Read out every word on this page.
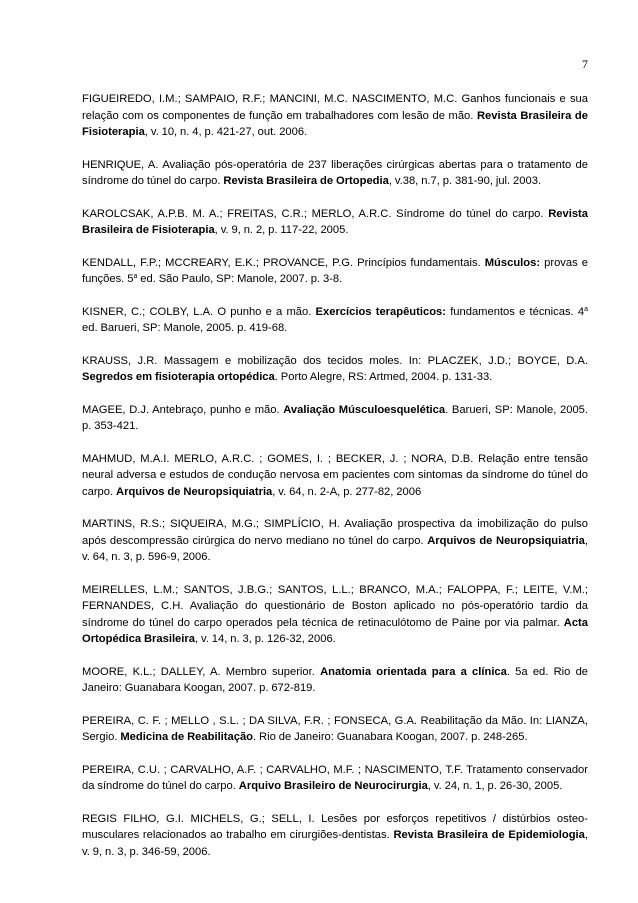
7

FIGUEIREDO, I.M.; SAMPAIO, R.F.; MANCINI, M.C. NASCIMENTO, M.C. Ganhos funcionais e sua relação com os componentes de função em trabalhadores com lesão de mão. Revista Brasileira de Fisioterapia, v. 10, n. 4, p. 421-27, out. 2006.

HENRIQUE, A. Avaliação pós-operatória de 237 liberações cirúrgicas abertas para o tratamento de síndrome do túnel do carpo. Revista Brasileira de Ortopedia, v.38, n.7, p. 381-90, jul. 2003.

KAROLCSAK, A.P.B. M. A.; FREITAS, C.R.; MERLO, A.R.C. Síndrome do túnel do carpo. Revista Brasileira de Fisioterapia, v. 9, n. 2, p. 117-22, 2005.

KENDALL, F.P.; MCCREARY, E.K.; PROVANCE, P.G. Princípios fundamentais. Músculos: provas e funções. 5$^a$ ed. São Paulo, SP: Manole, 2007. p. 3-8.

KISNER, C.; COLBY, L.A. O punho e a mão. Exercícios terapêuticos: fundamentos e técnicas. 4$^a$ ed. Barueri, SP: Manole, 2005. p. 419-68.

KRAUSS, J.R. Massagem e mobilização dos tecidos moles. In: PLACZEK, J.D.; BOYCE, D.A. Segredos em fisioterapia ortopédica. Porto Alegre, RS: Artmed, 2004. p. 131-33.

MAGEE, D.J. Antebraço, punho e mão. Avaliação Músculoesquelética. Barueri, SP: Manole, 2005. p. 353-421.

MAHMUD, M.A.I. MERLO, A.R.C. ; GOMES, I. ; BECKER, J. ; NORA, D.B. Relação entre tensão neural adversa e estudos de condução nervosa em pacientes com sintomas da síndrome do túnel do carpo. Arquivos de Neuropsiquiatria, v. 64, n. 2-A, p. 277-82, 2006

MARTINS, R.S.; SIQUEIRA, M.G.; SIMPLÍCIO, H. Avaliação prospectiva da imobilização do pulso após descompressão cirúrgica do nervo mediano no túnel do carpo. Arquivos de Neuropsiquiatria, v. 64, n. 3, p. 596-9, 2006.

MEIRELLES, L.M.; SANTOS, J.B.G.; SANTOS, L.L.; BRANCO, M.A.; FALOPPA, F.; LEITE, V.M.; FERNANDES, C.H. Avaliação do questionário de Boston aplicado no pós-operatório tardio da síndrome do túnel do carpo operados pela técnica de retinaculótomo de Paine por via palmar. Acta Ortopédica Brasileira, v. 14, n. 3, p. 126-32, 2006.

MOORE, K.L.; DALLEY, A. Membro superior. Anatomia orientada para a clínica. 5a ed. Rio de Janeiro: Guanabara Koogan, 2007. p. 672-819.

PEREIRA, C. F. ; MELLO , S.L. ; DA SILVA, F.R. ; FONSECA, G.A. Reabilitação da Mão. In: LIANZA, Sergio. Medicina de Reabilitação. Rio de Janeiro: Guanabara Koogan, 2007. p. 248-265.

PEREIRA, C.U. ; CARVALHO, A.F. ; CARVALHO, M.F. ; NASCIMENTO, T.F. Tratamento conservador da síndrome do túnel do carpo. Arquivo Brasileiro de Neurocirurgia, v. 24, n. 1, p. 26-30, 2005.

REGIS FILHO, G.I. MICHELS, G.; SELL, I. Lesões por esforços repetitivos / distúrbios osteo-musculares relacionados ao trabalho em cirurgiões-dentistas. Revista Brasileira de Epidemiologia, v. 9, n. 3, p. 346-59, 2006.
